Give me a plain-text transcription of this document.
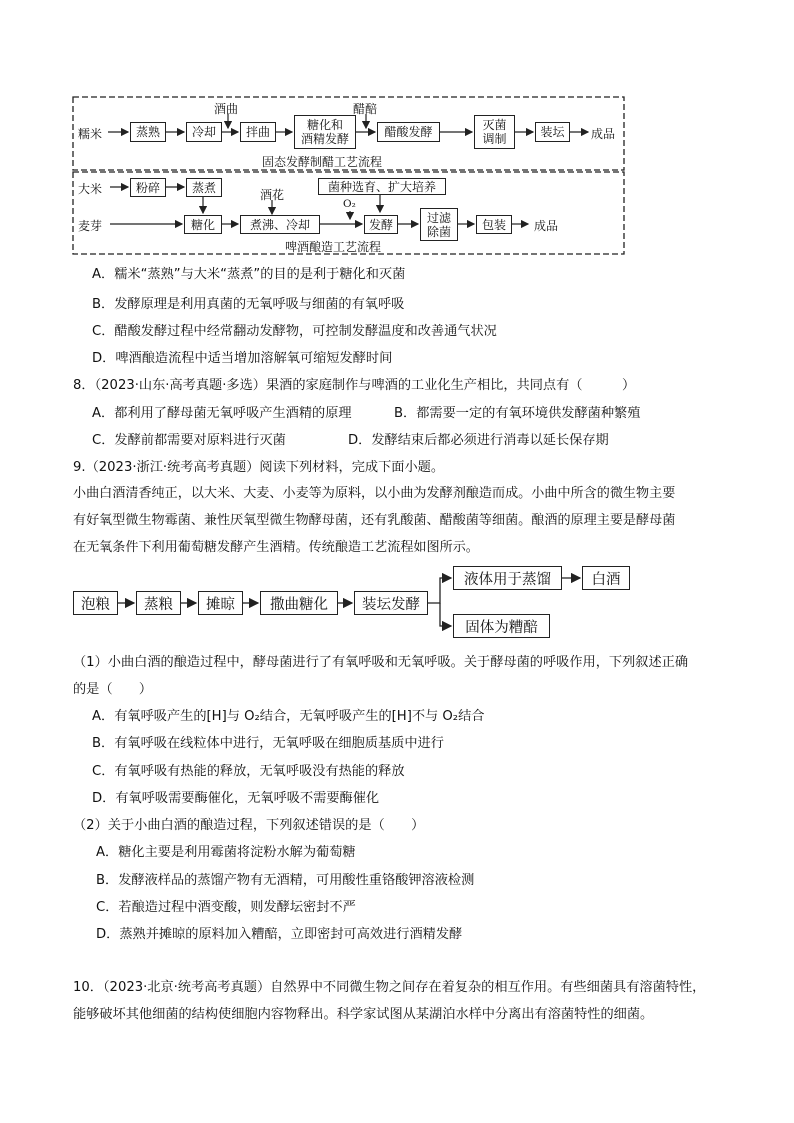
糯米	蒸熟	冷却	拌曲	糖化和
酒精发酵	醋酸发酵	灭菌
调制	装坛	成品
酒曲	醋醅
固态发酵制醋工艺流程
大米	粉碎	蒸煮
麦芽	糖化	煮沸、冷却	发酵	过滤
除菌	包装	成品
酒花
O₂
菌种选育、扩大培养
啤酒酿造工艺流程
A．糯米“蒸熟”与大米“蒸煮”的目的是利于糖化和灭菌
B．发酵原理是利用真菌的无氧呼吸与细菌的有氧呼吸
C．醋酸发酵过程中经常翻动发酵物，可控制发酵温度和改善通气状况
D．啤酒酿造流程中适当增加溶解氧可缩短发酵时间
8．（2023·山东·高考真题·多选）果酒的家庭制作与啤酒的工业化生产相比，共同点有（　　　）
A．都利用了酵母菌无氧呼吸产生酒精的原理	B．都需要一定的有氧环境供发酵菌种繁殖
C．发酵前都需要对原料进行灭菌	D．发酵结束后都必须进行消毒以延长保存期
9.（2023·浙江·统考高考真题）阅读下列材料，完成下面小题。
小曲白酒清香纯正，以大米、大麦、小麦等为原料，以小曲为发酵剂酿造而成。小曲中所含的微生物主要
有好氧型微生物霉菌、兼性厌氧型微生物酵母菌，还有乳酸菌、醋酸菌等细菌。酿酒的原理主要是酵母菌
在无氧条件下利用葡萄糖发酵产生酒精。传统酿造工艺流程如图所示。
泡粮	蒸粮	摊晾	撒曲糖化	装坛发酵
液体用于蒸馏	白酒
固体为糟醅
（1）小曲白酒的酿造过程中，酵母菌进行了有氧呼吸和无氧呼吸。关于酵母菌的呼吸作用，下列叙述正确
的是（　　）
A．有氧呼吸产生的[H]与 O₂结合，无氧呼吸产生的[H]不与 O₂结合
B．有氧呼吸在线粒体中进行，无氧呼吸在细胞质基质中进行
C．有氧呼吸有热能的释放，无氧呼吸没有热能的释放
D．有氧呼吸需要酶催化，无氧呼吸不需要酶催化
（2）关于小曲白酒的酿造过程，下列叙述错误的是（　　）
A．糖化主要是利用霉菌将淀粉水解为葡萄糖
B．发酵液样品的蒸馏产物有无酒精，可用酸性重铬酸钾溶液检测
C．若酿造过程中酒变酸，则发酵坛密封不严
D．蒸熟并摊晾的原料加入糟醅，立即密封可高效进行酒精发酵
10．（2023·北京·统考高考真题）自然界中不同微生物之间存在着复杂的相互作用。有些细菌具有溶菌特性，
能够破坏其他细菌的结构使细胞内容物释出。科学家试图从某湖泊水样中分离出有溶菌特性的细菌。
